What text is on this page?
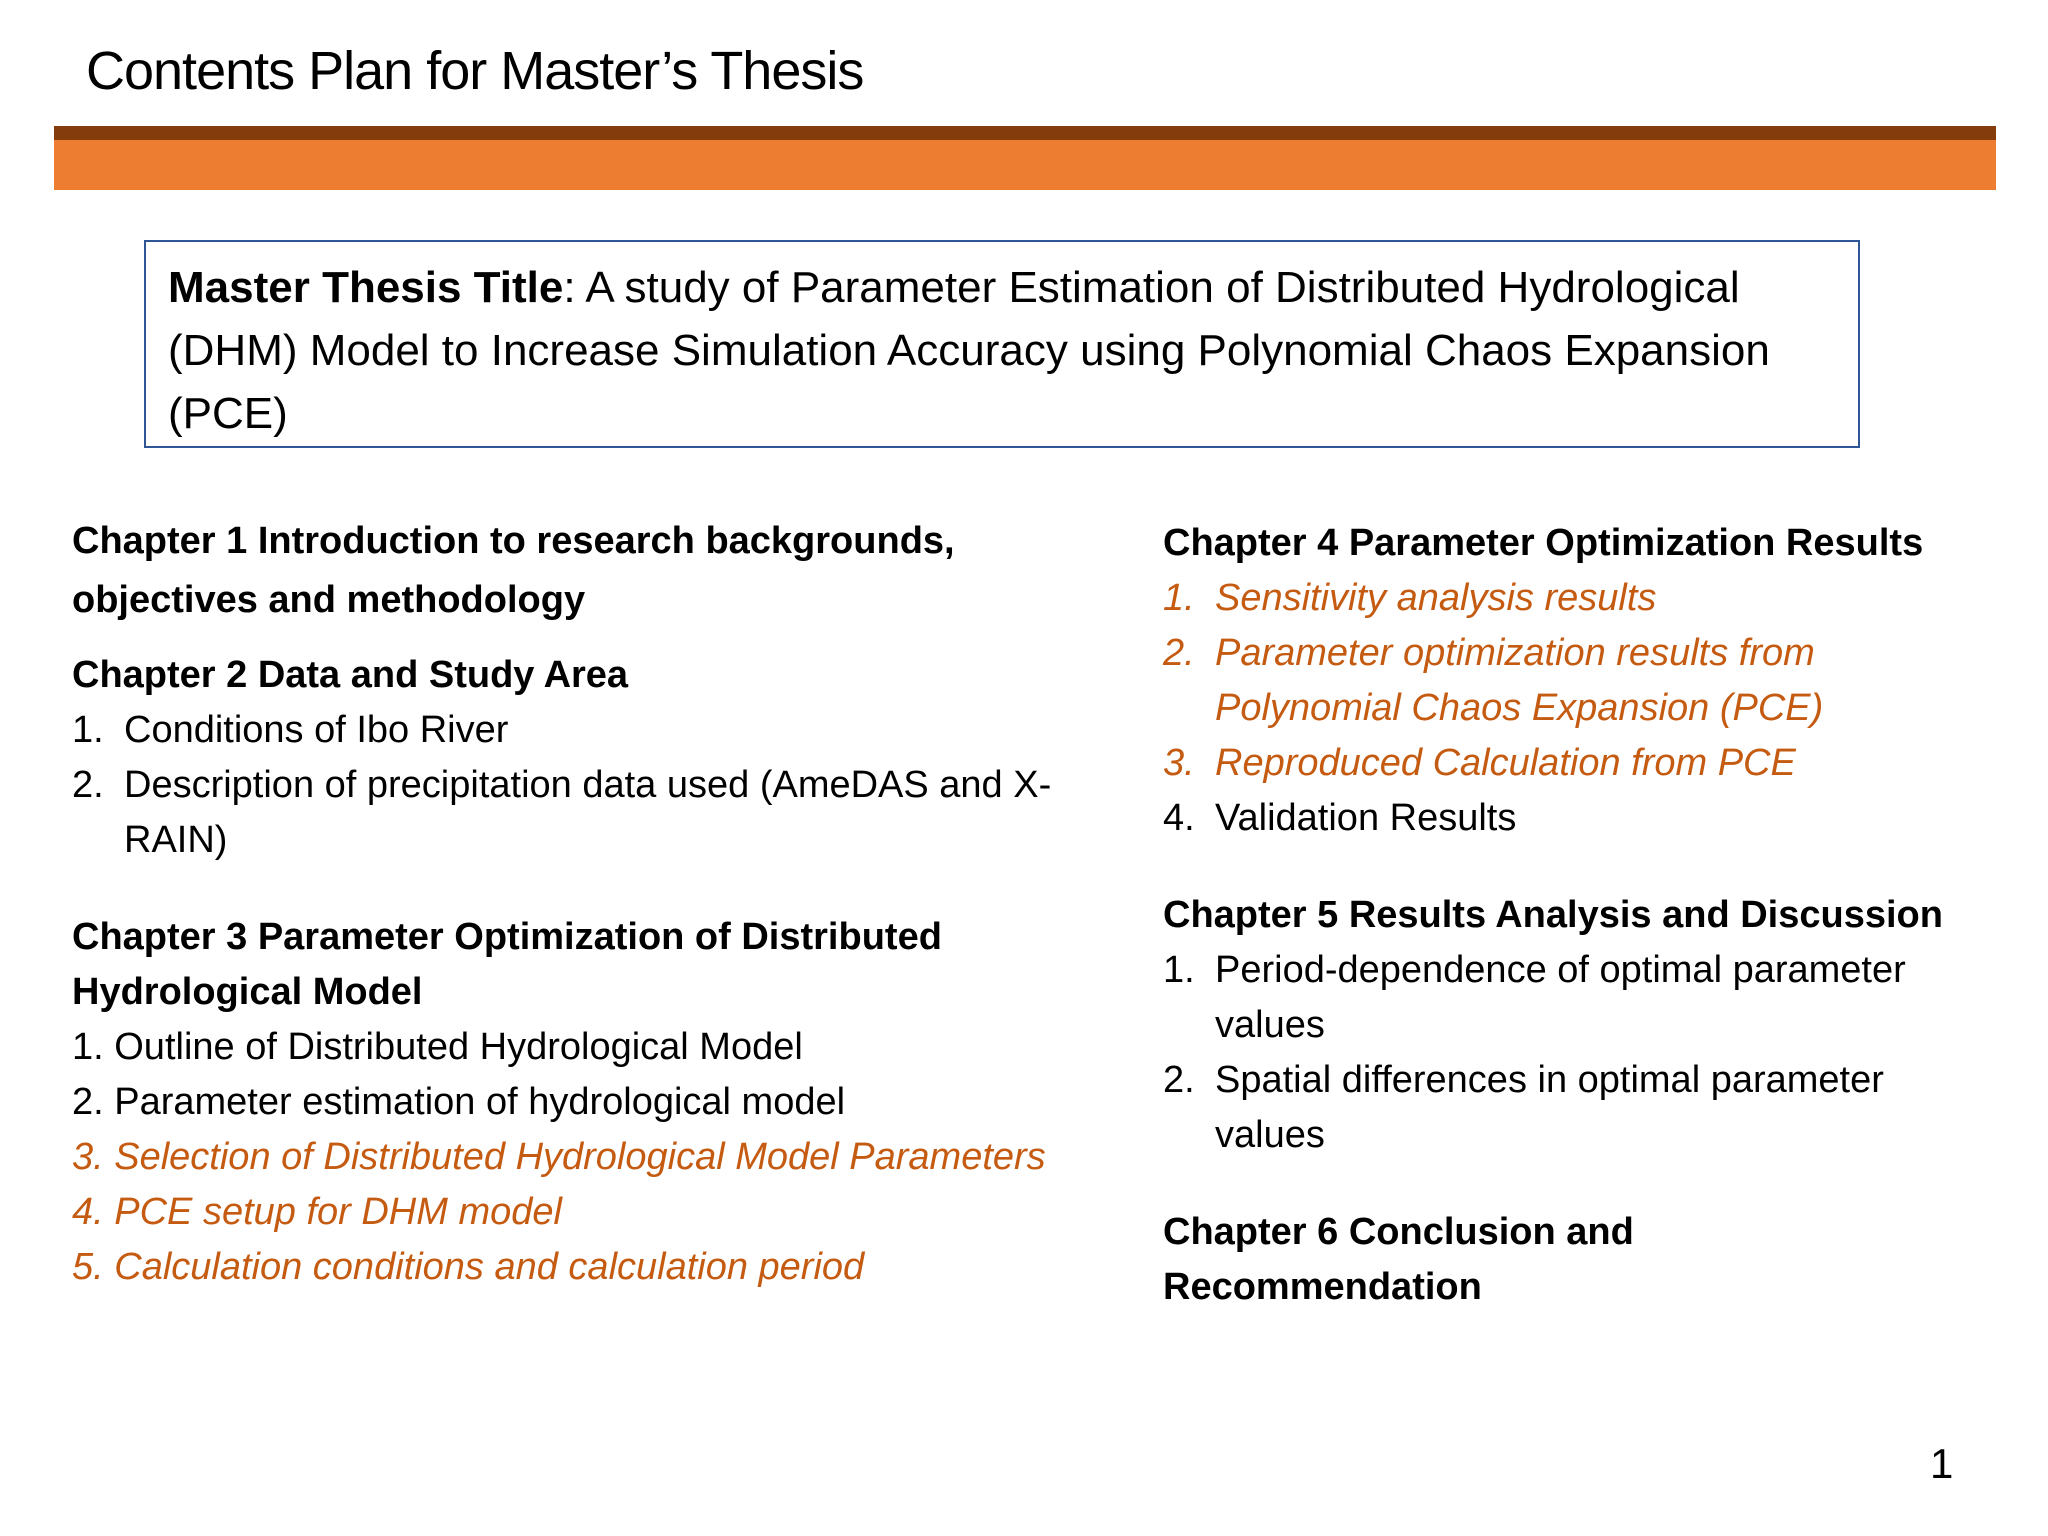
Contents Plan for Master’s Thesis
Master Thesis Title: A study of Parameter Estimation of Distributed Hydrological (DHM) Model to Increase Simulation Accuracy using Polynomial Chaos Expansion (PCE)

Chapter 1 Introduction to research backgrounds, objectives and methodology

Chapter 2 Data and Study Area

1. Conditions of Ibo River
2. Description of precipitation data used (AmeDAS and X-RAIN)

Chapter 3 Parameter Optimization of Distributed Hydrological Model

1. Outline of Distributed Hydrological Model

2. Parameter estimation of hydrological model

3. Selection of Distributed Hydrological Model Parameters

4. PCE setup for DHM model

5. Calculation conditions and calculation period

Chapter 4 Parameter Optimization Results

1. Sensitivity analysis results
2. Parameter optimization results from Polynomial Chaos Expansion (PCE)
3. Reproduced Calculation from PCE
4. Validation Results

Chapter 5 Results Analysis and Discussion

1. Period-dependence of optimal parameter values
2. Spatial differences in optimal parameter values

Chapter 6 Conclusion and Recommendation

1
